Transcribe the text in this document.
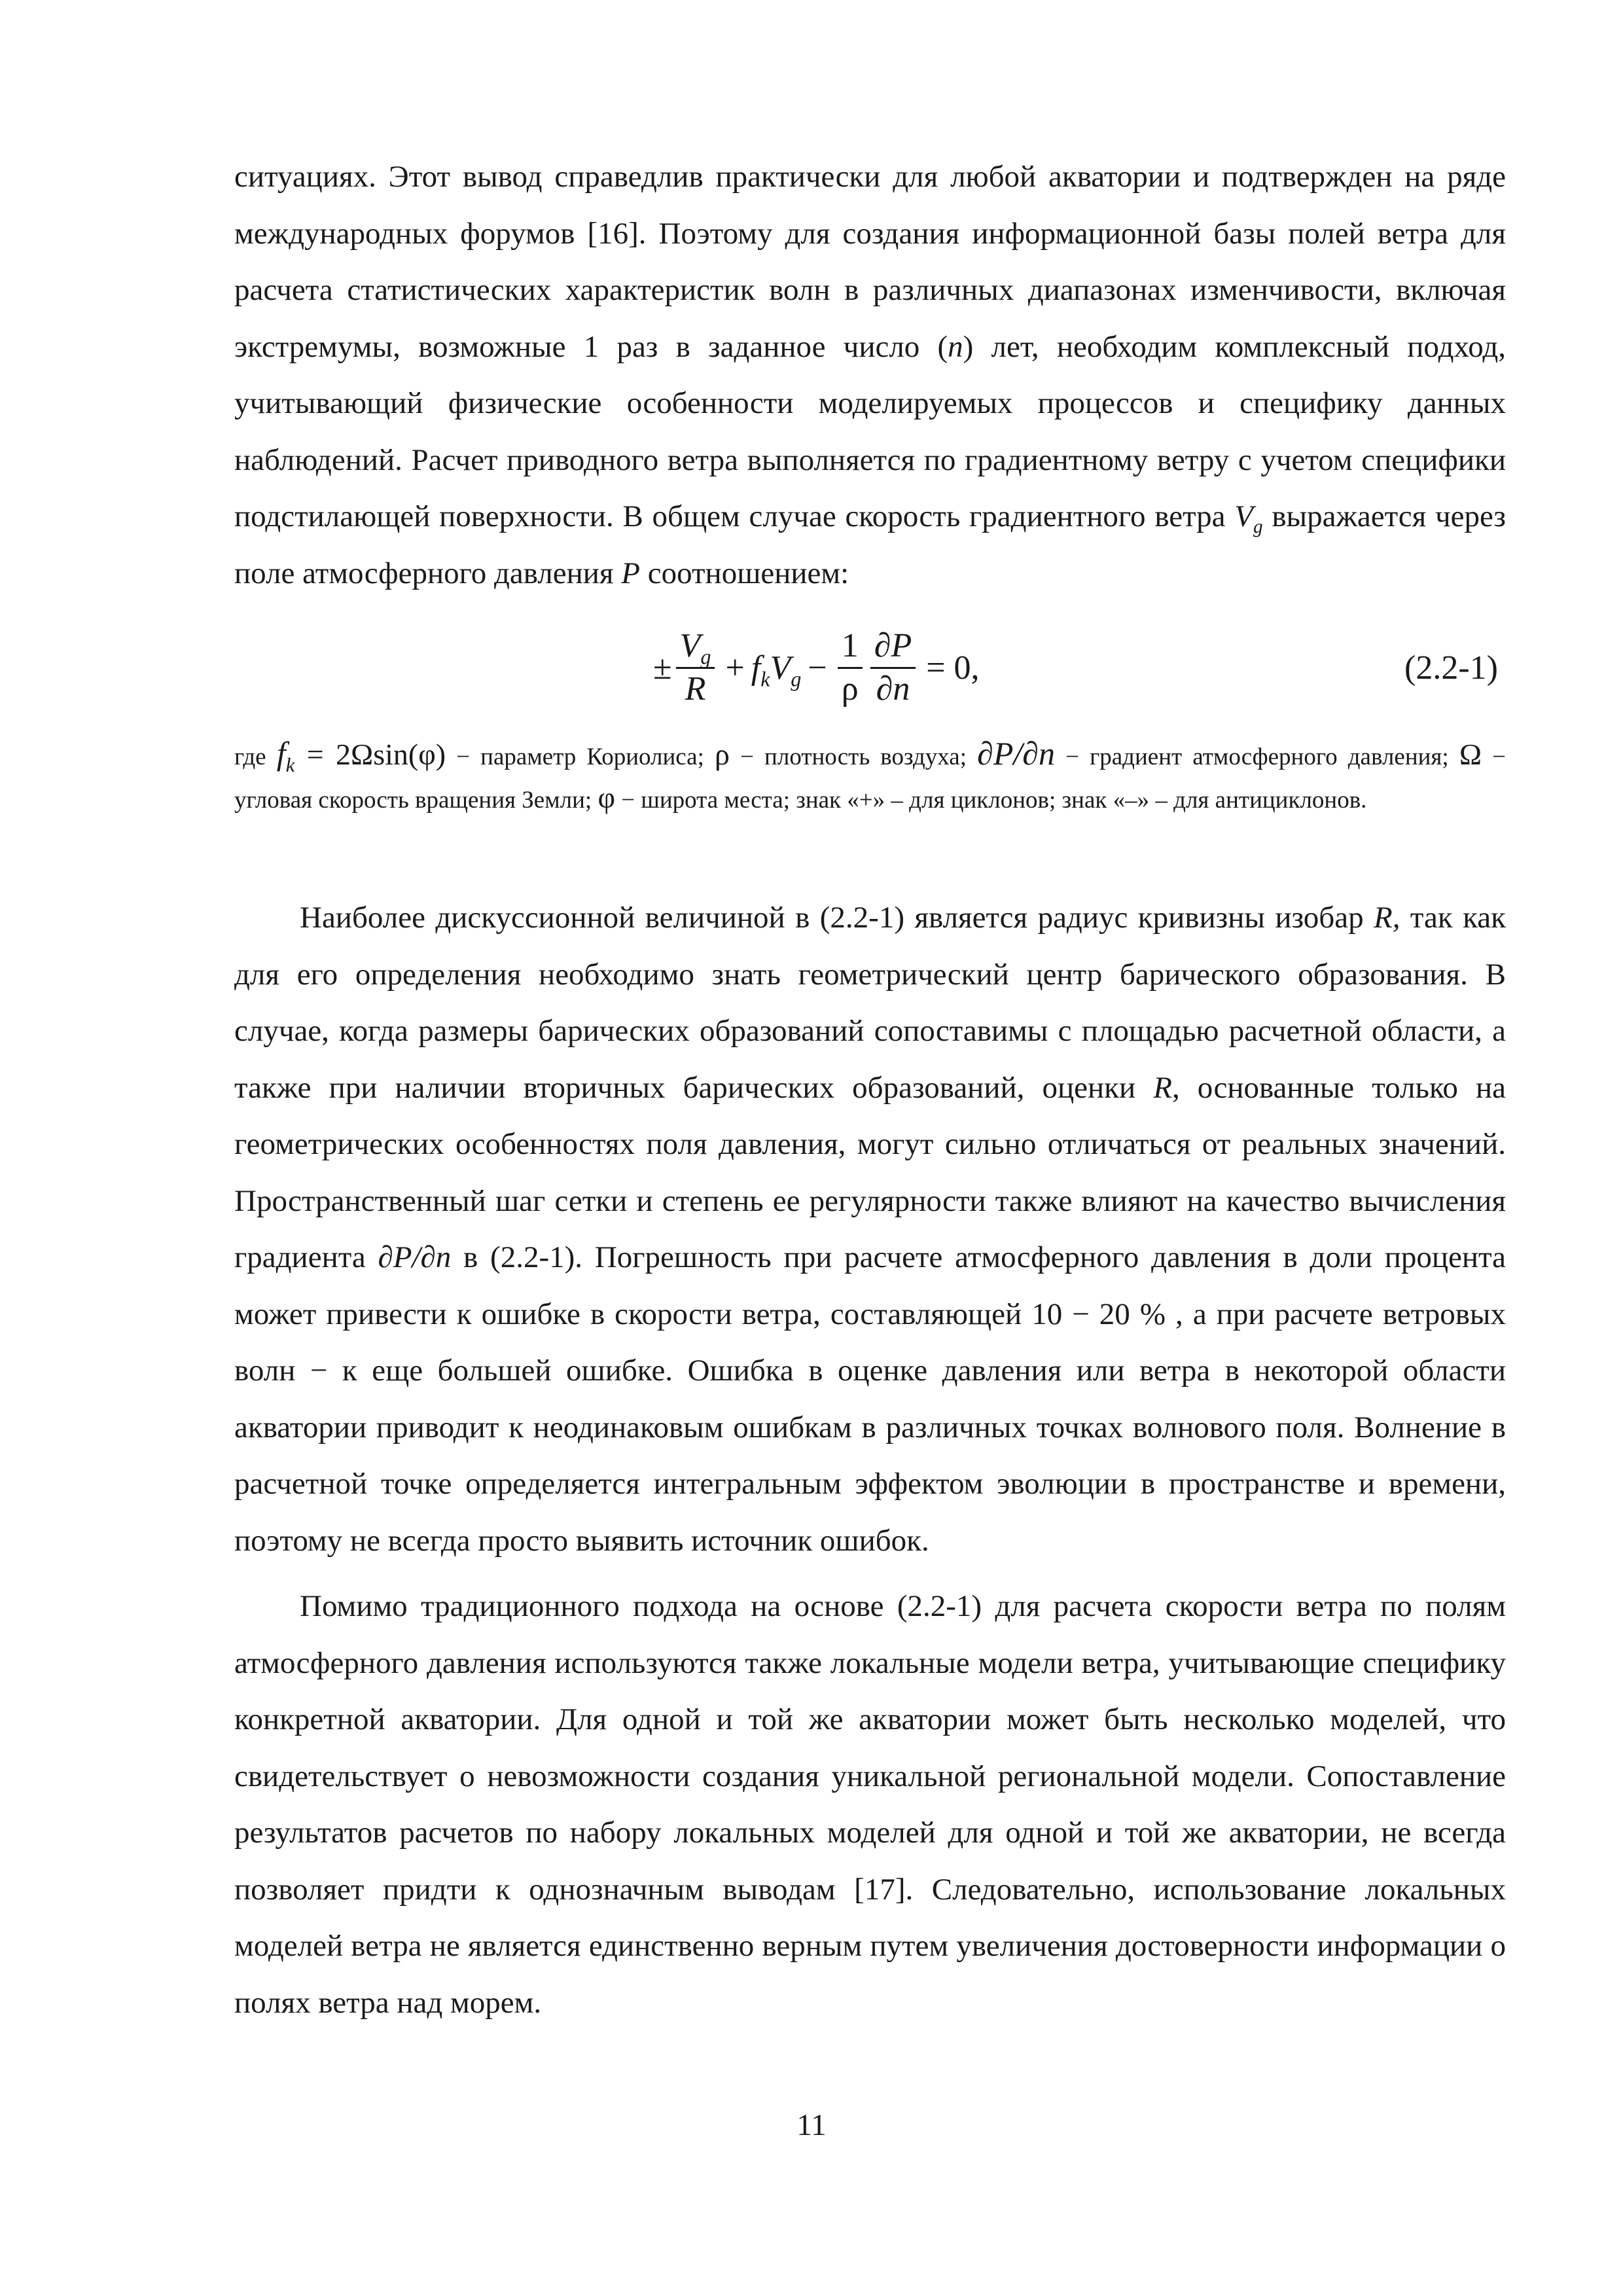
ситуациях. Этот вывод справедлив практически для любой акватории и подтвержден на ряде международных форумов [16]. Поэтому для создания информационной базы полей ветра для расчета статистических характеристик волн в различных диапазонах изменчивости, включая экстремумы, возможные 1 раз в заданное число (n) лет, необходим комплексный подход, учитывающий физические особенности моделируемых процессов и специфику данных наблюдений. Расчет приводного ветра выполняется по градиентному ветру с учетом специфики подстилающей поверхности. В общем случае скорость градиентного ветра $V_g$ выражается через поле атмосферного давления P соотношением:

± $\frac{V_g}{R} + f_kV_g - \frac{1}{\rho} \frac{\partial P}{\partial n} = 0$,	(2.2-1)
где $f_k = 2\Omega\sin(\varphi)$ − параметр Кориолиса; ρ − плотность воздуха; ∂P/∂n − градиент атмосферного давления; Ω − угловая скорость вращения Земли; φ − широта места; знак «+» – для циклонов; знак «–» – для антициклонов.

Наиболее дискуссионной величиной в (2.2-1) является радиус кривизны изобар R, так как для его определения необходимо знать геометрический центр барического образования. В случае, когда размеры барических образований сопоставимы с площадью расчетной области, а также при наличии вторичных барических образований, оценки R, основанные только на геометрических особенностях поля давления, могут сильно отличаться от реальных значений. Пространственный шаг сетки и степень ее регулярности также влияют на качество вычисления градиента ∂P/∂n в (2.2-1). Погрешность при расчете атмосферного давления в доли процента может привести к ошибке в скорости ветра, составляющей 10 − 20 % , а при расчете ветровых волн − к еще большей ошибке. Ошибка в оценке давления или ветра в некоторой области акватории приводит к неодинаковым ошибкам в различных точках волнового поля. Волнение в расчетной точке определяется интегральным эффектом эволюции в пространстве и времени, поэтому не всегда просто выявить источник ошибок.

Помимо традиционного подхода на основе (2.2-1) для расчета скорости ветра по полям атмосферного давления используются также локальные модели ветра, учитывающие специфику конкретной акватории. Для одной и той же акватории может быть несколько моделей, что свидетельствует о невозможности создания уникальной региональной модели. Сопоставление результатов расчетов по набору локальных моделей для одной и той же акватории, не всегда позволяет придти к однозначным выводам [17]. Следовательно, использование локальных моделей ветра не является единственно верным путем увеличения достоверности информации о полях ветра над морем.

11
